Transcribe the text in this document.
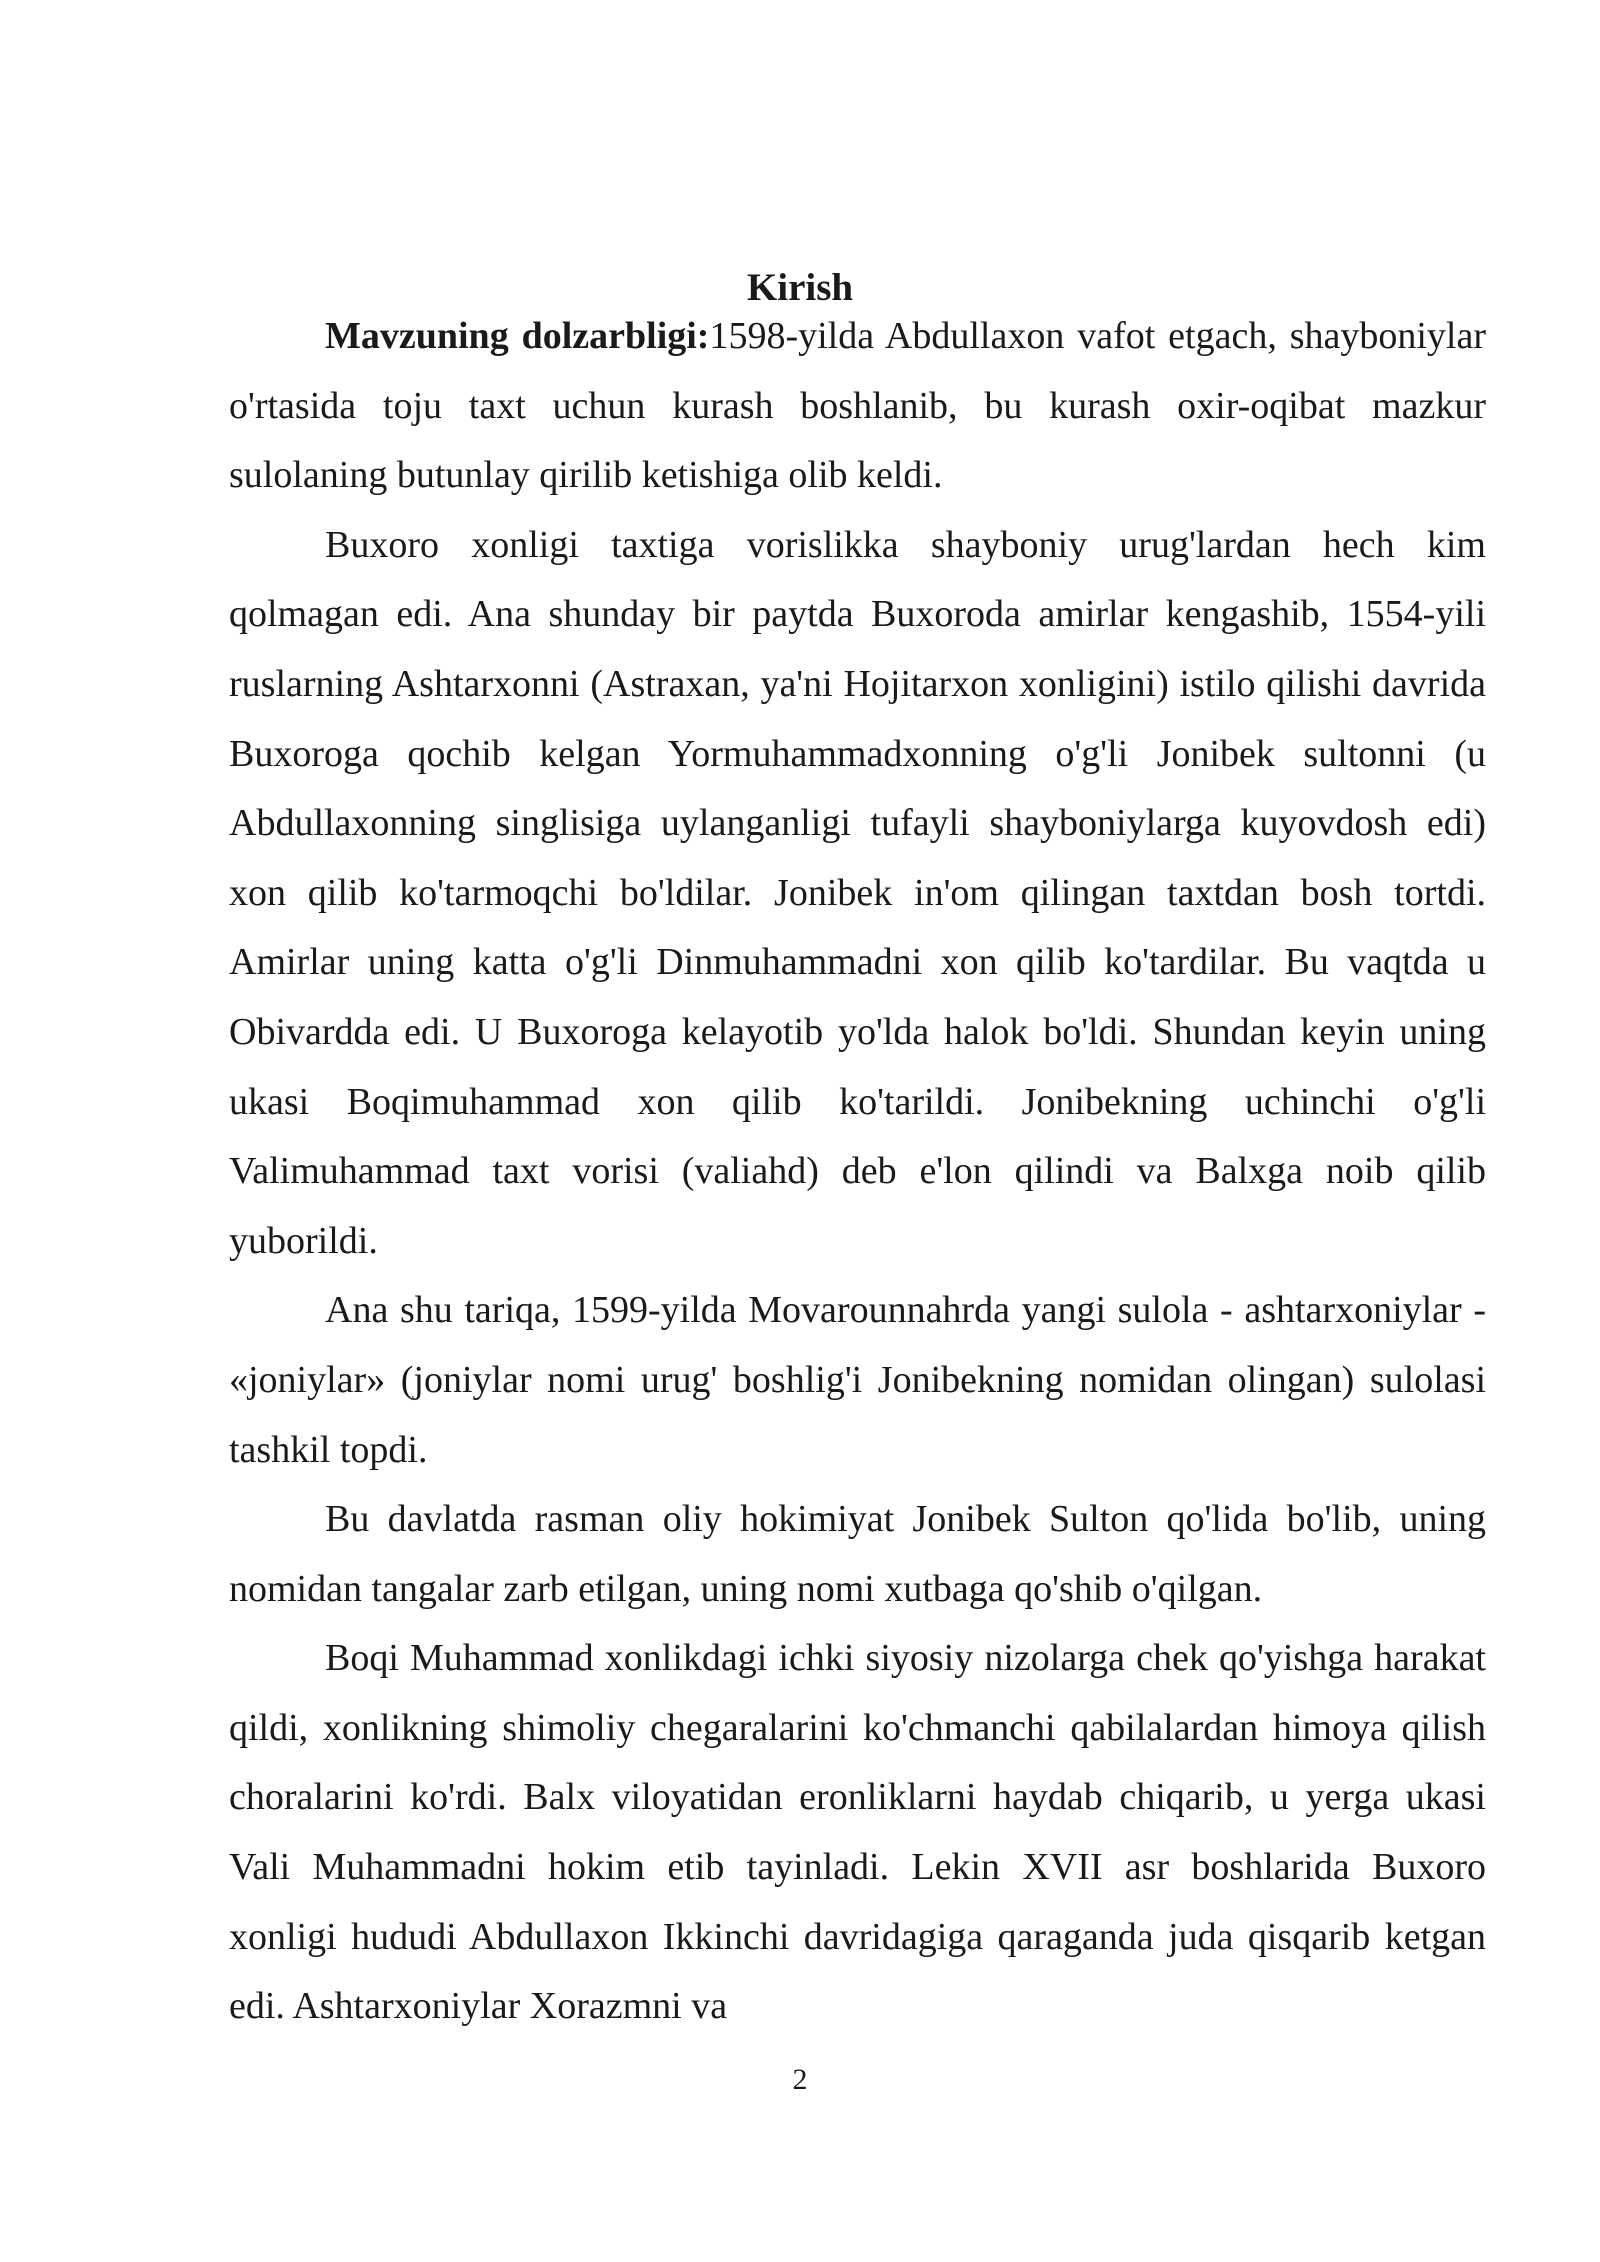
Kirish

Mavzuning dolzarbligi:1598-yilda Abdullaxon vafot etgach, shayboniylar o'rtasida toju taxt uchun kurash boshlanib, bu kurash oxir-oqibat mazkur sulolaning butunlay qirilib ketishiga olib keldi.

Buxoro xonligi taxtiga vorislikka shayboniy urug'lardan hech kim qolmagan edi. Ana shunday bir paytda Buxoroda amirlar kengashib, 1554-yili ruslarning Ashtarxonni (Astraxan, ya'ni Hojitarxon xonligini) istilo qilishi davrida Buxoroga qochib kelgan Yormuhammadxonning o'g'li Jonibek sultonni (u Abdullaxonning singlisiga uylanganligi tufayli shayboniylarga kuyovdosh edi) xon qilib ko'tarmoqchi bo'ldilar. Jonibek in'om qilingan taxtdan bosh tortdi. Amirlar uning katta o'g'li Dinmuhammadni xon qilib ko'tardilar. Bu vaqtda u Obivardda edi. U Buxoroga kelayotib yo'lda halok bo'ldi. Shundan keyin uning ukasi Boqimuhammad xon qilib ko'tarildi. Jonibekning uchinchi o'g'li Valimuhammad taxt vorisi (valiahd) deb e'lon qilindi va Balxga noib qilib yuborildi.

Ana shu tariqa, 1599-yilda Movarounnahrda yangi sulola - ashtarxoniylar - «joniylar» (joniylar nomi urug' boshlig'i Jonibekning nomidan olingan) sulolasi tashkil topdi.

Bu davlatda rasman oliy hokimiyat Jonibek Sulton qo'lida bo'lib, uning nomidan tangalar zarb etilgan, uning nomi xutbaga qo'shib o'qilgan.

Boqi Muhammad xonlikdagi ichki siyosiy nizolarga chek qo'yishga harakat qildi, xonlikning shimoliy chegaralarini ko'chmanchi qabilalardan himoya qilish choralarini ko'rdi. Balx viloyatidan eronliklarni haydab chiqarib, u yerga ukasi Vali Muhammadni hokim etib tayinladi. Lekin XVII asr boshlarida Buxoro xonligi hududi Abdullaxon Ikkinchi davridagiga qaraganda juda qisqarib ketgan edi. Ashtarxoniylar Xorazmni va

2
